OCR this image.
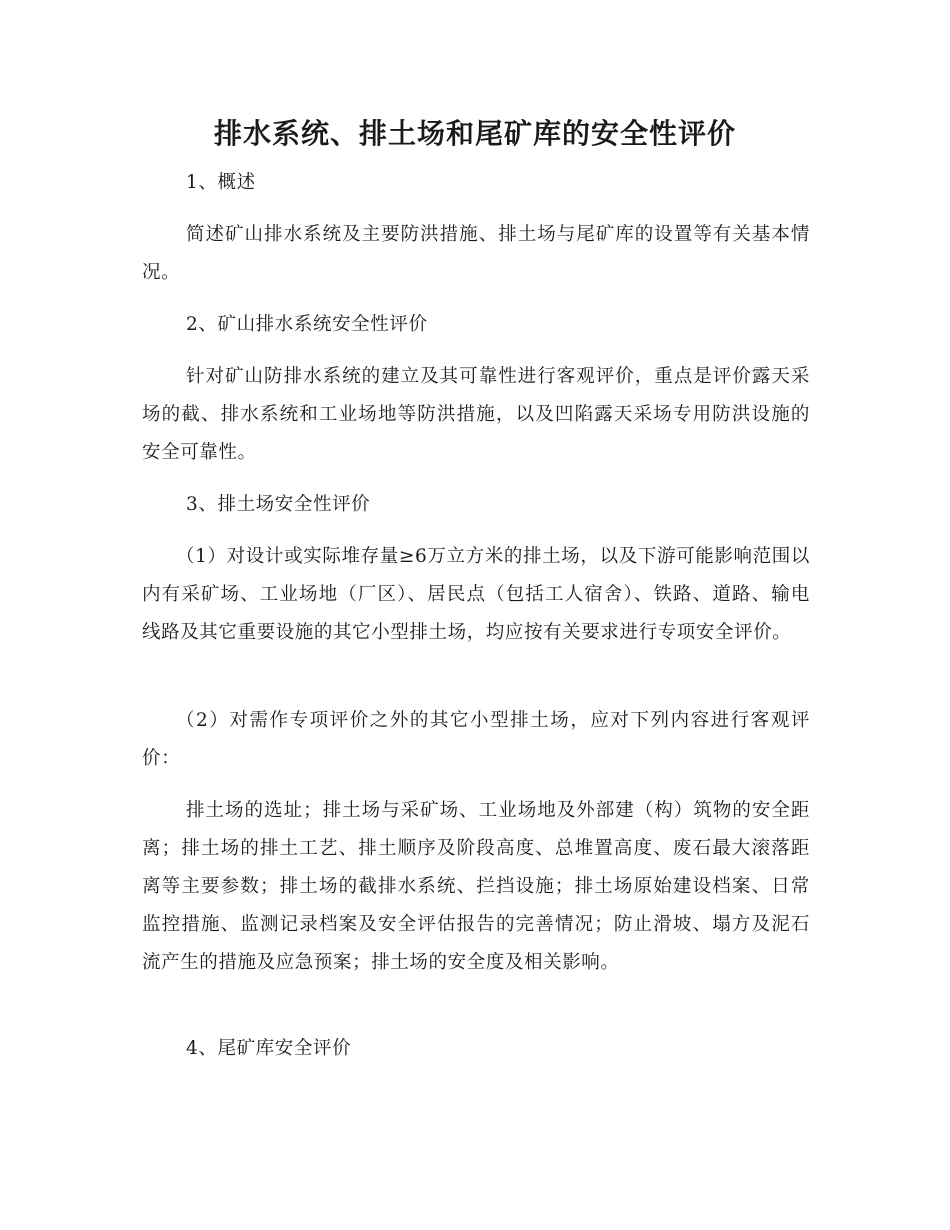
排水系统、排土场和尾矿库的安全性评价

1、概述

简述矿山排水系统及主要防洪措施、排土场与尾矿库的设置等有关基本情况。

2、矿山排水系统安全性评价

针对矿山防排水系统的建立及其可靠性进行客观评价，重点是评价露天采场的截、排水系统和工业场地等防洪措施，以及凹陷露天采场专用防洪设施的安全可靠性。

3、排土场安全性评价

（1）对设计或实际堆存量≥6万立方米的排土场，以及下游可能影响范围以内有采矿场、工业场地（厂区）、居民点（包括工人宿舍）、铁路、道路、输电线路及其它重要设施的其它小型排土场，均应按有关要求进行专项安全评价。

（2）对需作专项评价之外的其它小型排土场，应对下列内容进行客观评价：

排土场的选址；排土场与采矿场、工业场地及外部建（构）筑物的安全距离；排土场的排土工艺、排土顺序及阶段高度、总堆置高度、废石最大滚落距离等主要参数；排土场的截排水系统、拦挡设施；排土场原始建设档案、日常监控措施、监测记录档案及安全评估报告的完善情况；防止滑坡、塌方及泥石流产生的措施及应急预案；排土场的安全度及相关影响。

4、尾矿库安全评价
